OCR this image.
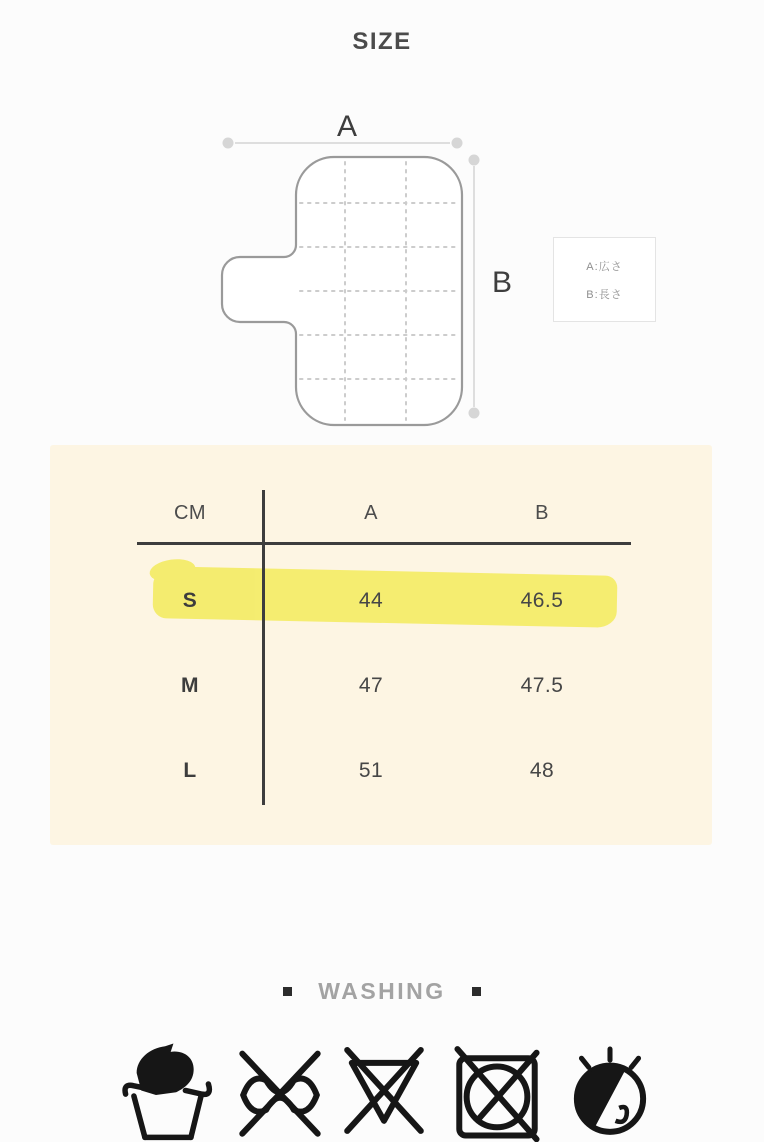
SIZE
A
B	A:広さ
B:長さ
CM	A	B
S	44	46.5
M	47	47.5
L	51	48
WASHING
